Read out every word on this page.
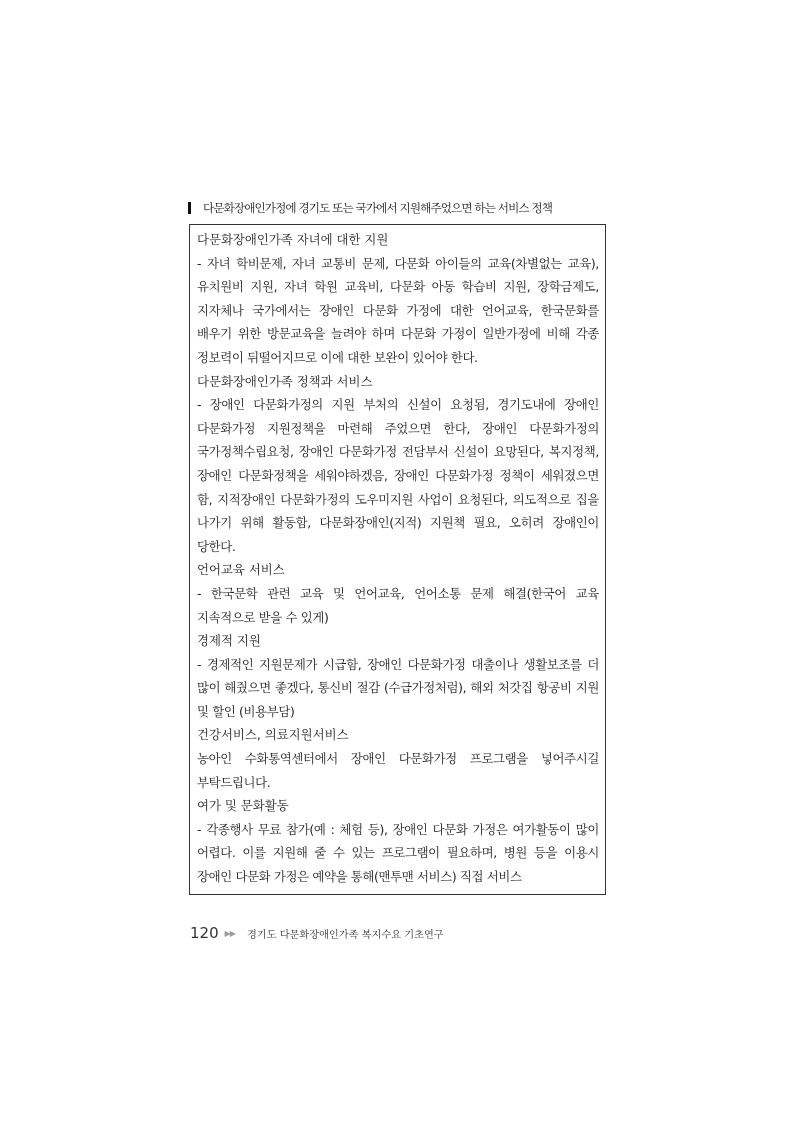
다문화장애인가정에 경기도 또는 국가에서 지원해주었으면 하는 서비스 정책
다문화장애인가족 자녀에 대한 지원
- 자녀 학비문제, 자녀 교통비 문제, 다문화 아이들의 교육(차별없는 교육), 유치원비 지원, 자녀 학원 교육비, 다문화 아동 학습비 지원, 장학금제도, 지자체나 국가에서는 장애인 다문화 가정에 대한 언어교육, 한국문화를 배우기 위한 방문교육을 늘려야 하며 다문화 가정이 일반가정에 비해 각종 정보력이 뒤떨어지므로 이에 대한 보완이 있어야 한다.
다문화장애인가족 정책과 서비스
- 장애인 다문화가정의 지원 부처의 신설이 요청됨, 경기도내에 장애인 다문화가정 지원정책을 마련해 주었으면 한다, 장애인 다문화가정의 국가정책수립요청, 장애인 다문화가정 전담부서 신설이 요망된다, 복지정책, 장애인 다문화정책을 세워야하겠음, 장애인 다문화가정 정책이 세워졌으면 함, 지적장애인 다문화가정의 도우미지원 사업이 요청된다, 의도적으로 집을 나가기 위해 활동함, 다문화장애인(지적) 지원책 필요, 오히려 장애인이 당한다.
언어교육 서비스
- 한국문학 관련 교육 및 언어교육, 언어소통 문제 해결(한국어 교육 지속적으로 받을 수 있게)
경제적 지원
- 경제적인 지원문제가 시급함, 장애인 다문화가정 대출이나 생활보조를 더 많이 해줬으면 좋겠다, 통신비 절감 (수급가정처럼), 해외 처갓집 항공비 지원 및 할인 (비용부담)
건강서비스, 의료지원서비스
농아인 수화통역센터에서 장애인 다문화가정 프로그램을 넣어주시길 부탁드립니다.
여가 및 문화활동
- 각종행사 무료 참가(예 : 체험 등), 장애인 다문화 가정은 여가활동이 많이 어렵다. 이를 지원해 줄 수 있는 프로그램이 필요하며, 병원 등을 이용시 장애인 다문화 가정은 예약을 통해(맨투맨 서비스) 직접 서비스
120 ▶▶ 경기도 다문화장애인가족 복지수요 기초연구
